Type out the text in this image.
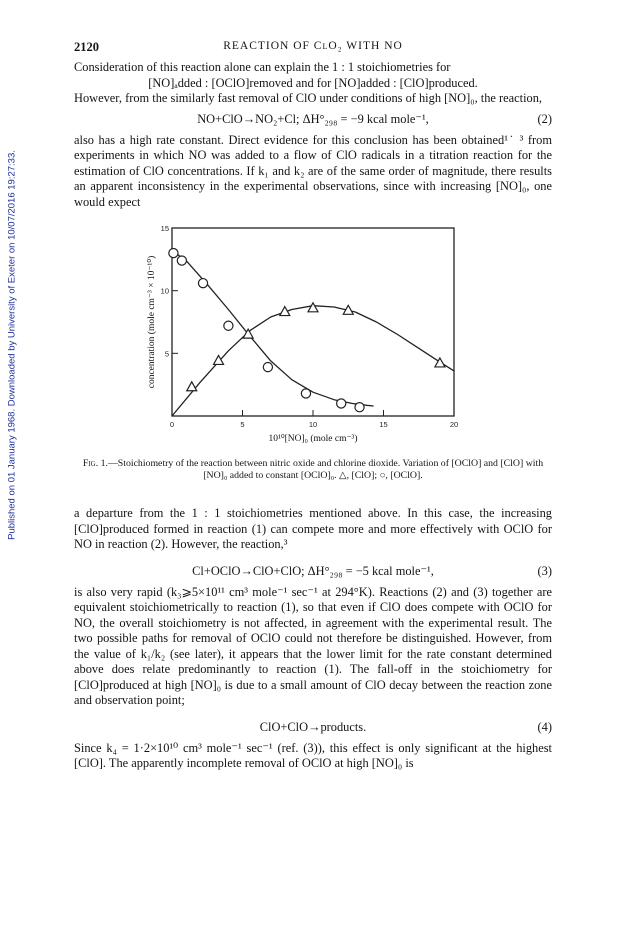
Published on 01 January 1968. Downloaded by University of Exeter on 10/07/2016 19:27:33.
2120	REACTION OF ClO₂ WITH NO

Consideration of this reaction alone can explain the 1 : 1 stoichiometries for

[NO]ₐdded : [OClO]removed and for [NO]added : [ClO]produced.

However, from the similarly fast removal of ClO under conditions of high [NO]₀, the reaction,

NO+ClO→NO₂+Cl; ΔH°₂₉₈ = −9 kcal mole⁻¹,	(2)

also has a high rate constant. Direct evidence for this conclusion has been obtained¹˙ ³ from experiments in which NO was added to a flow of ClO radicals in a titration reaction for the estimation of ClO concentrations. If k₁ and k₂ are of the same order of magnitude, there results an apparent inconsistency in the experimental observations, since with increasing [NO]₀, one would expect

0	5	10	15	20
5
10
15
10¹⁰[NO]₀ (mole cm⁻³)
concentration (mole cm⁻³ × 10⁻¹⁰)

Fig. 1.—Stoichiometry of the reaction between nitric oxide and chlorine dioxide. Variation of [OClO] and [ClO] with [NO]₀ added to constant [OClO]₀. △, [ClO]; ○, [OClO].

a departure from the 1 : 1 stoichiometries mentioned above. In this case, the increasing [ClO]produced formed in reaction (1) can compete more and more effectively with OClO for NO in reaction (2). However, the reaction,³

Cl+OClO→ClO+ClO; ΔH°₂₉₈ = −5 kcal mole⁻¹,	(3)

is also very rapid (k₃⩾5×10¹¹ cm³ mole⁻¹ sec⁻¹ at 294°K). Reactions (2) and (3) together are equivalent stoichiometrically to reaction (1), so that even if ClO does compete with OClO for NO, the overall stoichiometry is not affected, in agreement with the experimental result. The two possible paths for removal of OClO could not therefore be distinguished. However, from the value of k₁/k₂ (see later), it appears that the lower limit for the rate constant determined above does relate predominantly to reaction (1). The fall-off in the stoichiometry for [ClO]produced at high [NO]₀ is due to a small amount of ClO decay between the reaction zone and observation point;

ClO+ClO→products.	(4)

Since k₄ = 1·2×10¹⁰ cm³ mole⁻¹ sec⁻¹ (ref. (3)), this effect is only significant at the highest [ClO]. The apparently incomplete removal of OClO at high [NO]₀ is
